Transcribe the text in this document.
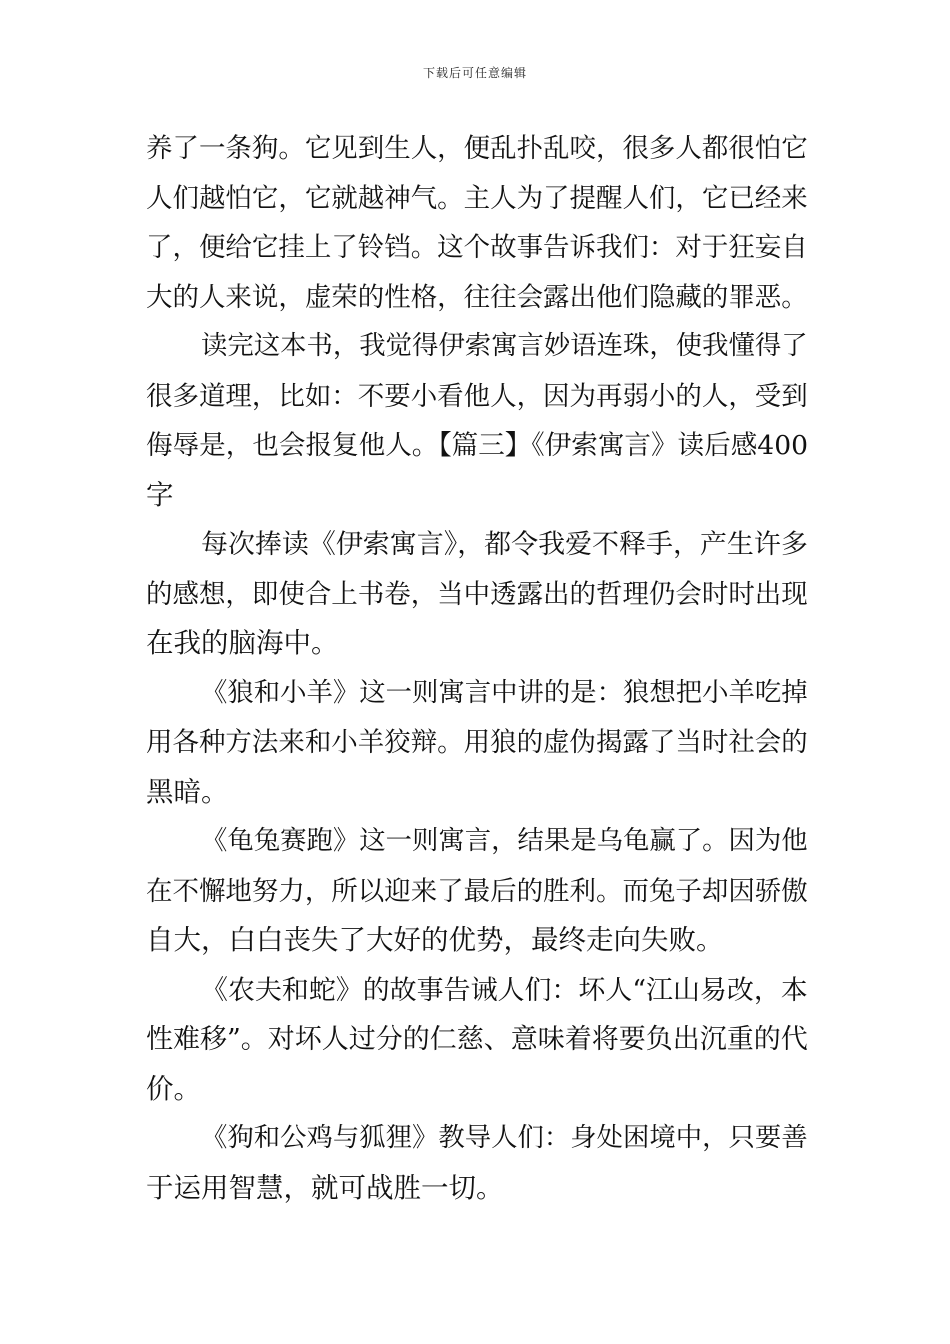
下载后可任意编辑
养了一条狗。它见到生人，便乱扑乱咬，很多人都很怕它
人们越怕它，它就越神气。主人为了提醒人们，它已经来
了，便给它挂上了铃铛。这个故事告诉我们：对于狂妄自
大的人来说，虚荣的性格，往往会露出他们隐藏的罪恶。
读完这本书，我觉得伊索寓言妙语连珠，使我懂得了
很多道理，比如：不要小看他人，因为再弱小的人，受到
侮辱是，也会报复他人。【篇三】《伊索寓言》读后感400
字
每次捧读《伊索寓言》，都令我爱不释手，产生许多
的感想，即使合上书卷，当中透露出的哲理仍会时时出现
在我的脑海中。
《狼和小羊》这一则寓言中讲的是：狼想把小羊吃掉
用各种方法来和小羊狡辩。用狼的虚伪揭露了当时社会的
黑暗。
《龟兔赛跑》这一则寓言，结果是乌龟赢了。因为他
在不懈地努力，所以迎来了最后的胜利。而兔子却因骄傲
自大，白白丧失了大好的优势，最终走向失败。
《农夫和蛇》的故事告诫人们：坏人“江山易改，本
性难移”。对坏人过分的仁慈、意味着将要负出沉重的代
价。
《狗和公鸡与狐狸》教导人们：身处困境中，只要善
于运用智慧，就可战胜一切。
